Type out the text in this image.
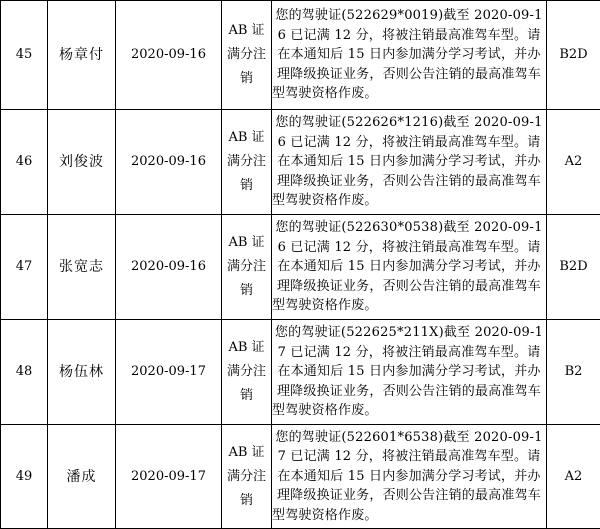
45	杨章付	2020-09-16	AB 证满分注销	您的驾驶证(522629*0019)截至 2020-09-16 已记满 12 分，将被注销最高准驾车型。请在本通知后 15 日内参加满分学习考试，并办理降级换证业务，否则公告注销的最高准驾车型驾驶资格作废。	B2D
46	刘俊波	2020-09-16	AB 证满分注销	您的驾驶证(522626*1216)截至 2020-09-16 已记满 12 分，将被注销最高准驾车型。请在本通知后 15 日内参加满分学习考试，并办理降级换证业务，否则公告注销的最高准驾车型驾驶资格作废。	A2
47	张宽志	2020-09-16	AB 证满分注销	您的驾驶证(522630*0538)截至 2020-09-16 已记满 12 分，将被注销最高准驾车型。请在本通知后 15 日内参加满分学习考试，并办理降级换证业务，否则公告注销的最高准驾车型驾驶资格作废。	B2D
48	杨伍林	2020-09-17	AB 证满分注销	您的驾驶证(522625*211X)截至 2020-09-17 已记满 12 分，将被注销最高准驾车型。请在本通知后 15 日内参加满分学习考试，并办理降级换证业务，否则公告注销的最高准驾车型驾驶资格作废。	B2
49	潘成	2020-09-17	AB 证满分注销	您的驾驶证(522601*6538)截至 2020-09-17 已记满 12 分，将被注销最高准驾车型。请在本通知后 15 日内参加满分学习考试，并办理降级换证业务，否则公告注销的最高准驾车型驾驶资格作废。	A2
